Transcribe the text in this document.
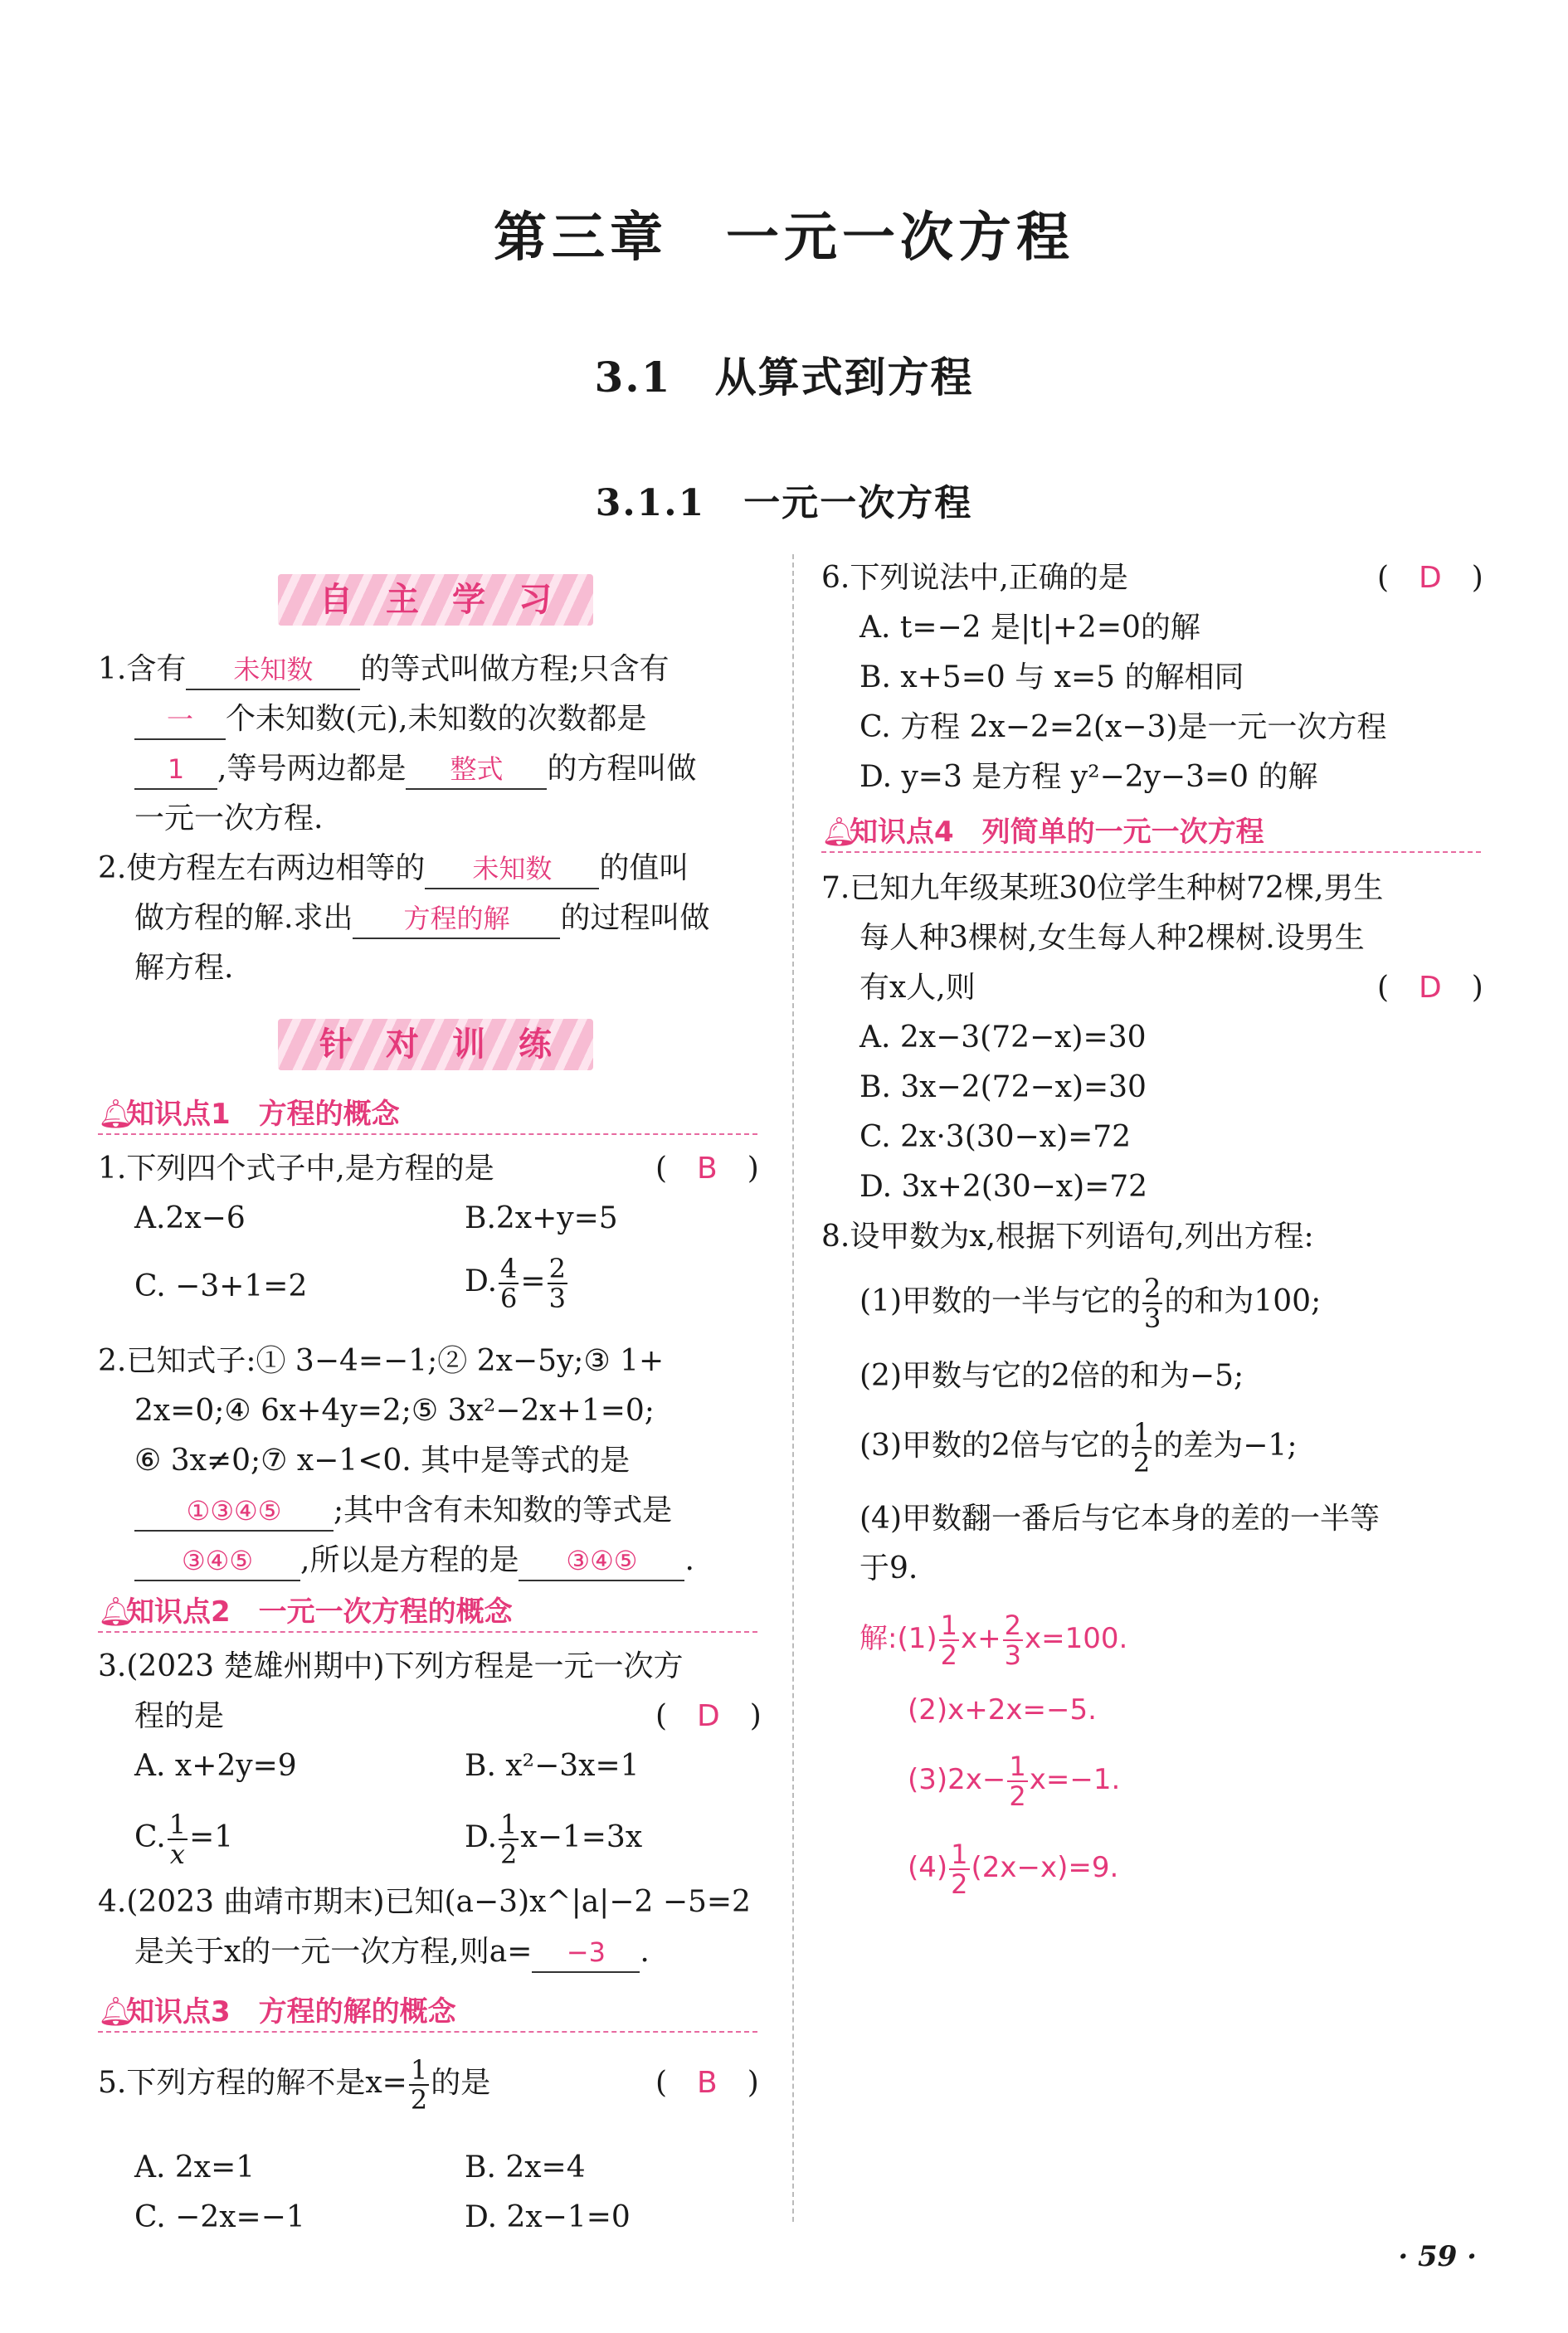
第三章　一元一次方程
3.1　从算式到方程
3.1.1　一元一次方程
自主学习
1.含有 未知数 的等式叫做方程;只含有
一 个未知数(元),未知数的次数都是
1 ,等号两边都是 整式 的方程叫做
一元一次方程.
2.使方程左右两边相等的 未知数 的值叫
做方程的解.求出 方程的解 的过程叫做
解方程.
针对训练
🔔︎知识点1　方程的概念
1.下列四个式子中,是方程的是	(　B　)
A.2x−6	B.2x+y=5
C. −3+1=2	D. $\frac{4}{6} = \frac{2}{3}$
2.已知式子:① 3−4=−1;② 2x−5y;③ 1+
2x=0;④ 6x+4y=2;⑤ 3x²−2x+1=0;
⑥ 3x≠0;⑦ x−1<0. 其中是等式的是
①③④⑤ ;其中含有未知数的等式是
③④⑤ ,所以是方程的是 ③④⑤ .
🔔︎知识点2　一元一次方程的概念
3.(2023 楚雄州期中)下列方程是一元一次方
程的是	(　D　)
A. x+2y=9	B. x²−3x=1
C. $\frac{1}{x} =1$	D. $\frac{1}{2} x-1=3x$
4.(2023 曲靖市期末)已知(a−3)x^|a|−2 −5=2
是关于x的一元一次方程,则a= −3 .
🔔︎知识点3　方程的解的概念
5.下列方程的解不是$x= \frac{1}{2}$ 的是	(　B　)
A. 2x=1	B. 2x=4
C. −2x=−1	D. 2x−1=0
6.下列说法中,正确的是	(　D　)
A. t=−2 是|t|+2=0的解
B. x+5=0 与 x=5 的解相同
C. 方程 2x−2=2(x−3)是一元一次方程
D. y=3 是方程 y²−2y−3=0 的解
🔔︎知识点4　列简单的一元一次方程
7.已知九年级某班30位学生种树72棵,男生
每人种3棵树,女生每人种2棵树.设男生
有x人,则	(　D　)
A. 2x−3(72−x)=30
B. 3x−2(72−x)=30
C. 2x·3(30−x)=72
D. 3x+2(30−x)=72
8.设甲数为x,根据下列语句,列出方程:
(1)甲数的一半与它的 $\frac{2}{3}$ 的和为100;
(2)甲数与它的2倍的和为−5;
(3)甲数的2倍与它的 $\frac{1}{2}$ 的差为−1;
(4)甲数翻一番后与它本身的差的一半等
于9.
解:(1) $\frac{1}{2} x+ \frac{2}{3} x=100$.
(2)x+2x=−5.
$(3)2x- \frac{1}{2} x=-1$.
$(4) \frac{1}{2} (2x-x)=9$.
· 59 ·
